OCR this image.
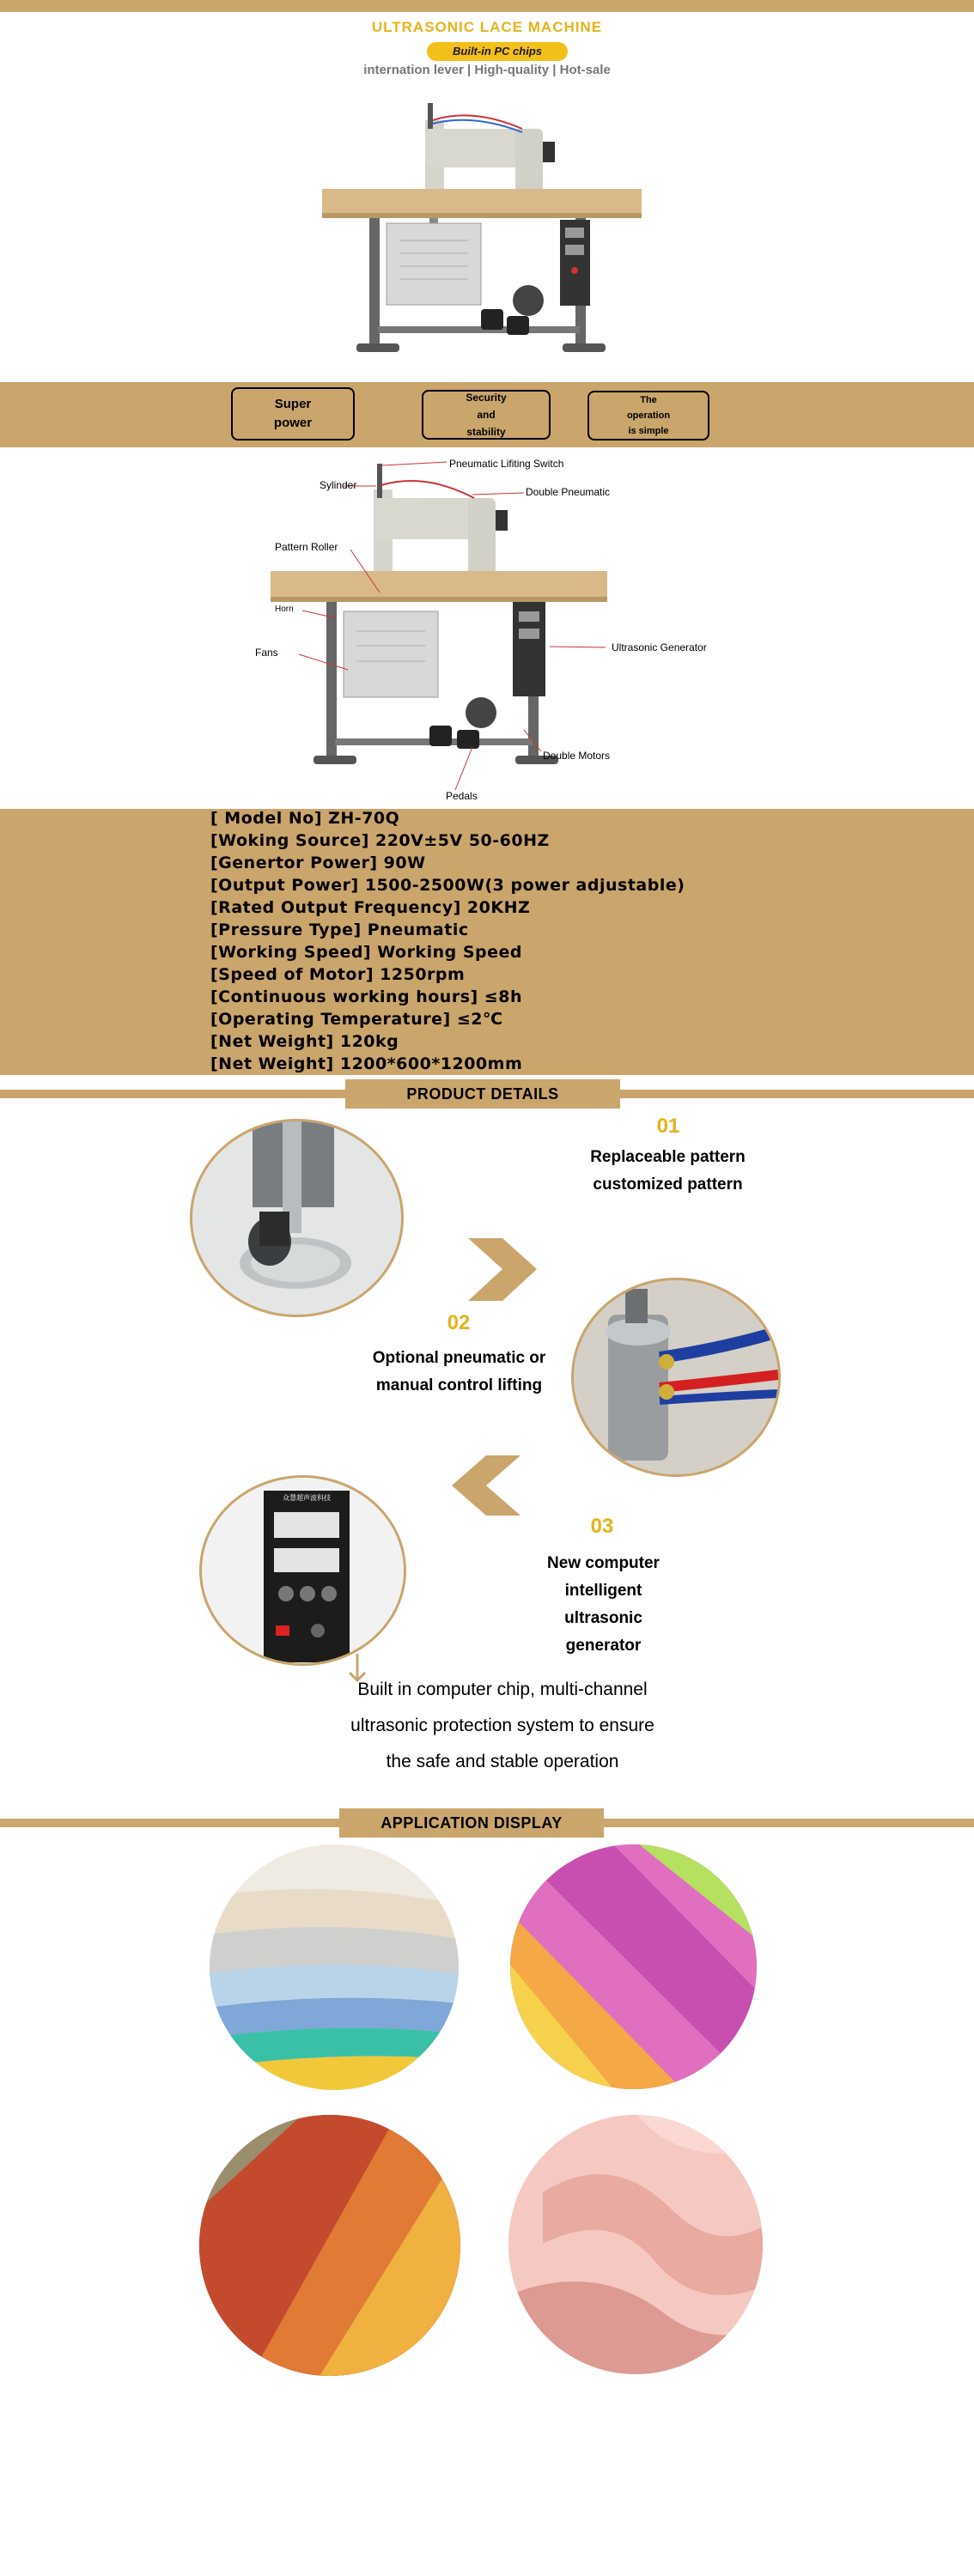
ULTRASONIC LACE MACHINE
Built-in PC chips
internation lever | High-quality | Hot-sale
Super power
Security and stability
The operation is simple
Pneumatic Lifiting Switch
Sylinder
Double Pneumatic
Pattern Roller
Horn
Fans	Ultrasonic Generator
Double Motors
Pedals
[ Model No] ZH-70Q
[Woking Source] 220V±5V 50-60HZ
[Genertor Power] 90W
[Output Power] 1500-2500W(3 power adjustable)
[Rated Output Frequency] 20KHZ
[Pressure Type] Pneumatic
[Working Speed] Working Speed
[Speed of Motor] 1250rpm
[Continuous working hours] ≤8h
[Operating Temperature] ≤2℃
[Net Weight] 120kg
[Net Weight] 1200*600*1200mm
PRODUCT DETAILS
01
Replaceable pattern customized pattern
02
Optional pneumatic or manual control lifting
众慧超声波科技
03
New computer intelligent ultrasonic generator
Built in computer chip, multi-channel ultrasonic protection system to ensure the safe and stable operation
APPLICATION DISPLAY
